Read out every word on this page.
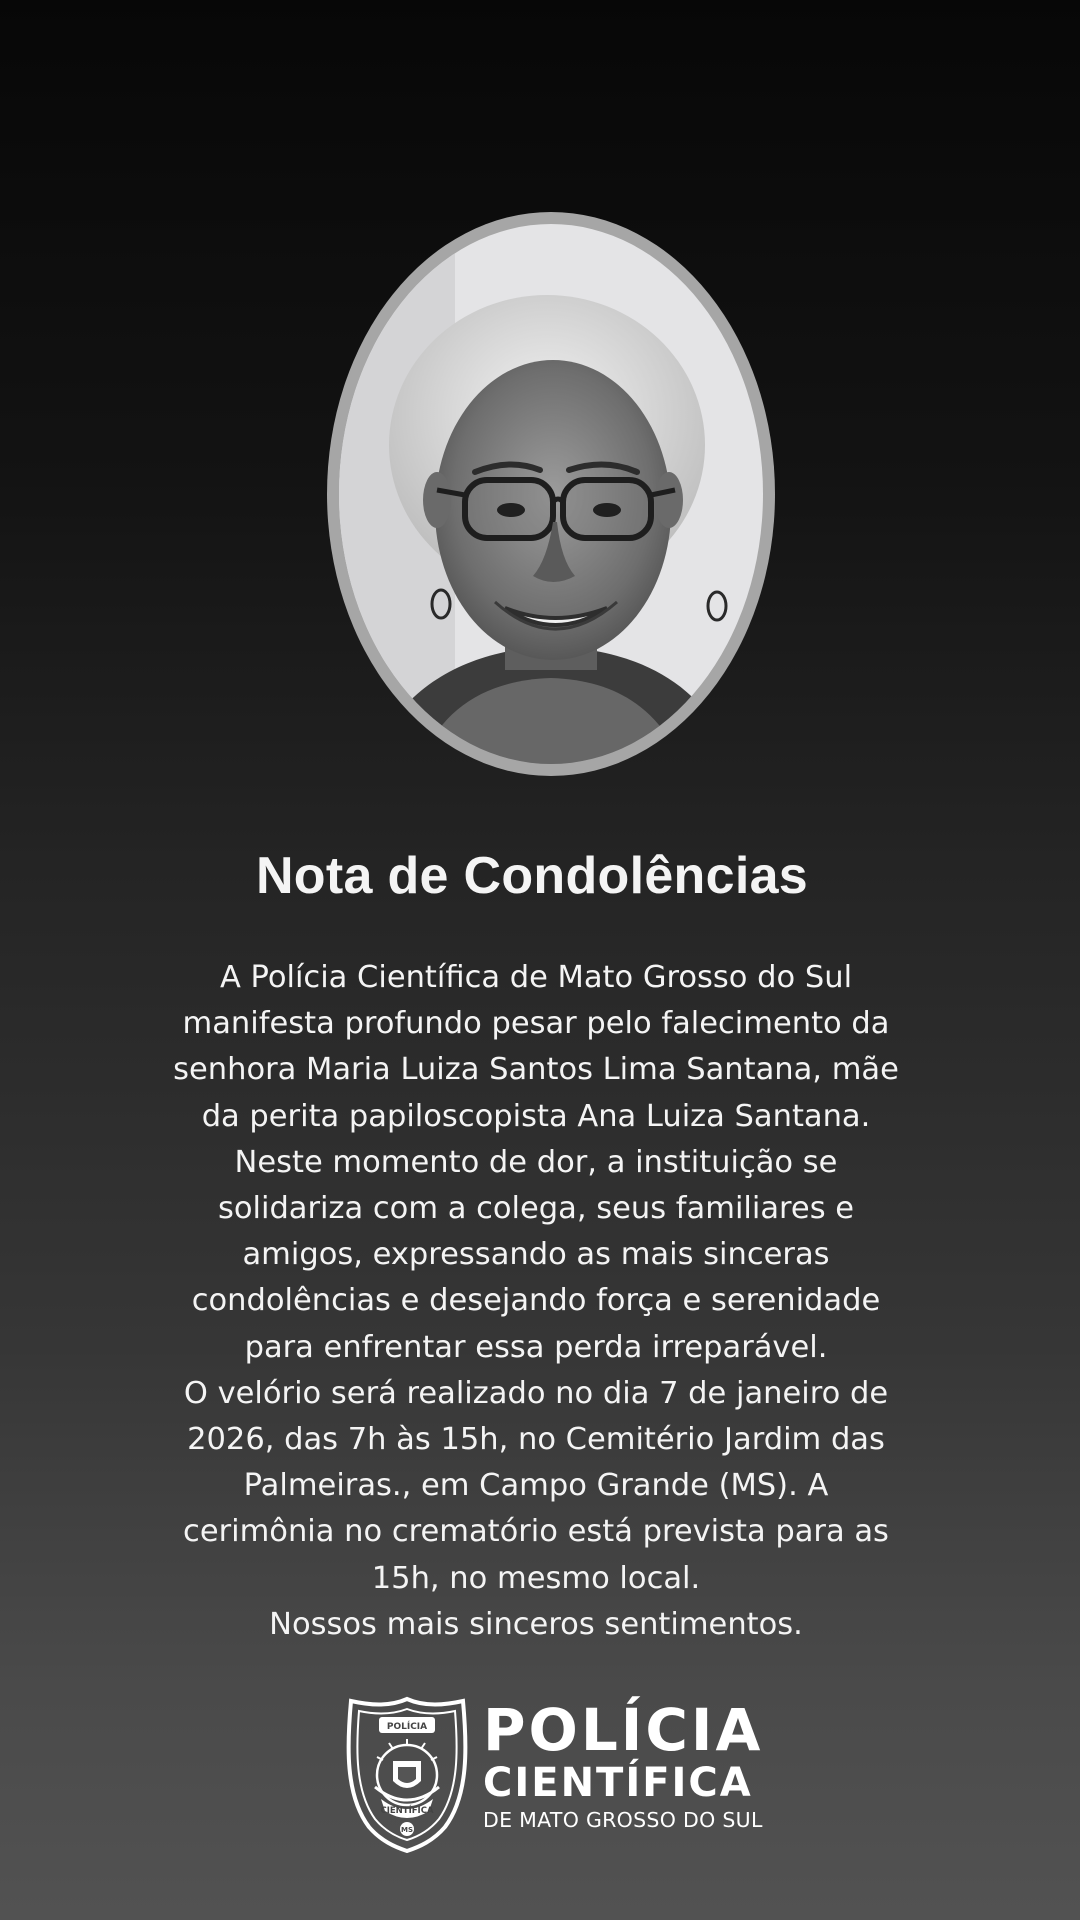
Nota de Condolências

A Polícia Científica de Mato Grosso do Sul
manifesta profundo pesar pelo falecimento da
senhora Maria Luiza Santos Lima Santana, mãe
da perita papiloscopista Ana Luiza Santana.
Neste momento de dor, a instituição se
solidariza com a colega, seus familiares e
amigos, expressando as mais sinceras
condolências e desejando força e serenidade
para enfrentar essa perda irreparável.

O velório será realizado no dia 7 de janeiro de
2026, das 7h às 15h, no Cemitério Jardim das
Palmeiras., em Campo Grande (MS). A
cerimônia no crematório está prevista para as
15h, no mesmo local.

Nossos mais sinceros sentimentos.

POLÍCIA
CIENTÍFICA
MS
POLÍCIA
CIENTÍFICA
DE MATO GROSSO DO SUL
